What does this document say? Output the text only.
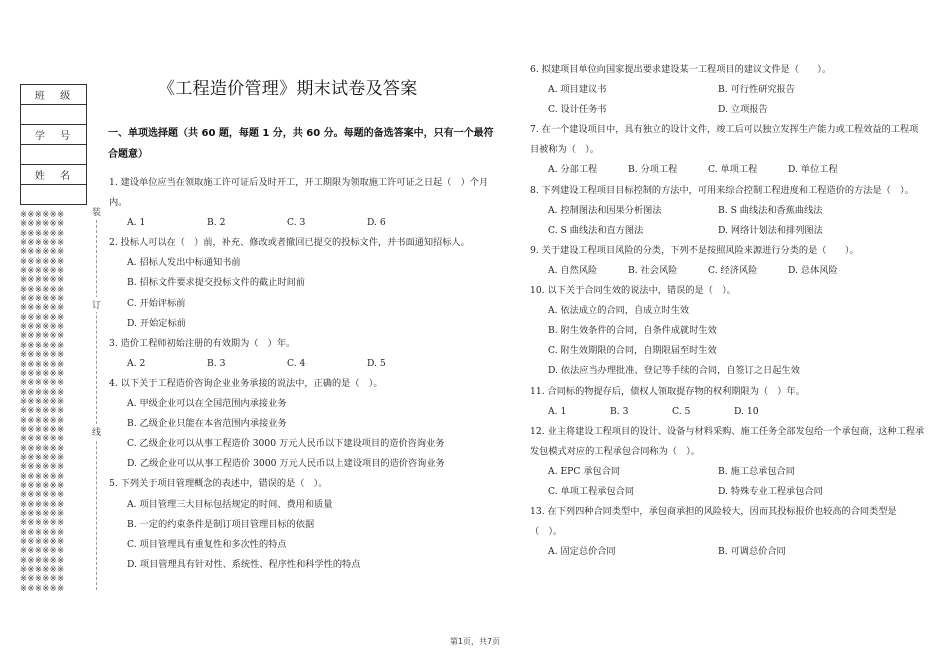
班 级

学 号

姓 名

※※※※※※
※※※※※※
※※※※※※
※※※※※※
※※※※※※
※※※※※※
※※※※※※
※※※※※※
※※※※※※
※※※※※※
※※※※※※
※※※※※※
※※※※※※
※※※※※※
※※※※※※
※※※※※※
※※※※※※
※※※※※※
※※※※※※
※※※※※※
※※※※※※
※※※※※※
※※※※※※
※※※※※※
※※※※※※
※※※※※※
※※※※※※
※※※※※※
※※※※※※
※※※※※※
※※※※※※
※※※※※※
※※※※※※
※※※※※※
※※※※※※
※※※※※※
※※※※※※
※※※※※※
※※※※※※
※※※※※※
※※※※※※
装
订
线
《工程造价管理》期末试卷及答案
一、单项选择题（共 60 题，每题 1 分，共 60 分。每题的备选答案中，只有一个最符合题意）
1. 建设单位应当在领取施工许可证后及时开工，开工期限为领取施工许可证之日起（　）个月内。
A. 1	B. 2	C. 3	D. 6
2. 投标人可以在（　）前，补充、修改或者撤回已提交的投标文件，并书面通知招标人。
A. 招标人发出中标通知书前
B. 招标文件要求提交投标文件的截止时间前
C. 开始评标前
D. 开始定标前
3. 造价工程师初始注册的有效期为（　）年。
A. 2	B. 3	C. 4	D. 5
4. 以下关于工程造价咨询企业业务承接的说法中，正确的是（　）。
A. 甲级企业可以在全国范围内承接业务
B. 乙级企业只能在本省范围内承接业务
C. 乙级企业可以从事工程造价 3000 万元人民币以下建设项目的造价咨询业务
D. 乙级企业可以从事工程造价 3000 万元人民币以上建设项目的造价咨询业务
5. 下列关于项目管理概念的表述中，错误的是（　）。
A. 项目管理三大目标包括规定的时间、费用和质量
B. 一定的约束条件是制订项目管理目标的依据
C. 项目管理具有重复性和多次性的特点
D. 项目管理具有针对性、系统性、程序性和科学性的特点
6. 拟建项目单位向国家提出要求建设某一工程项目的建议文件是（　　）。
A. 项目建议书	B. 可行性研究报告
C. 设计任务书	D. 立项报告
7. 在一个建设项目中，具有独立的设计文件，竣工后可以独立发挥生产能力或工程效益的工程项目被称为（　）。
A. 分部工程	B. 分项工程	C. 单项工程	D. 单位工程
8. 下列建设工程项目目标控制的方法中，可用来综合控制工程进度和工程造价的方法是（　）。
A. 控制图法和因果分析图法	B. S 曲线法和香蕉曲线法
C. S 曲线法和直方图法	D. 网络计划法和排列图法
9. 关于建设工程项目风险的分类，下列不是按照风险来源进行分类的是（　　）。
A. 自然风险	B. 社会风险	C. 经济风险	D. 总体风险
10. 以下关于合同生效的说法中，错误的是（　）。
A. 依法成立的合同，自成立时生效
B. 附生效条件的合同，自条件成就时生效
C. 附生效期限的合同，自期限届至时生效
D. 依法应当办理批准、登记等手续的合同，自签订之日起生效
11. 合同标的物提存后，债权人领取提存物的权利期限为（　）年。
A. 1	B. 3	C. 5	D. 10
12. 业主将建设工程项目的设计、设备与材料采购、施工任务全部发包给一个承包商，这种工程承发包模式对应的工程承包合同称为（　）。
A. EPC 承包合同	B. 施工总承包合同
C. 单项工程承包合同	D. 特殊专业工程承包合同
13. 在下列四种合同类型中，承包商承担的风险较大，因而其投标报价也较高的合同类型是（　）。
A. 固定总价合同	B. 可调总价合同
第1页，共7页
